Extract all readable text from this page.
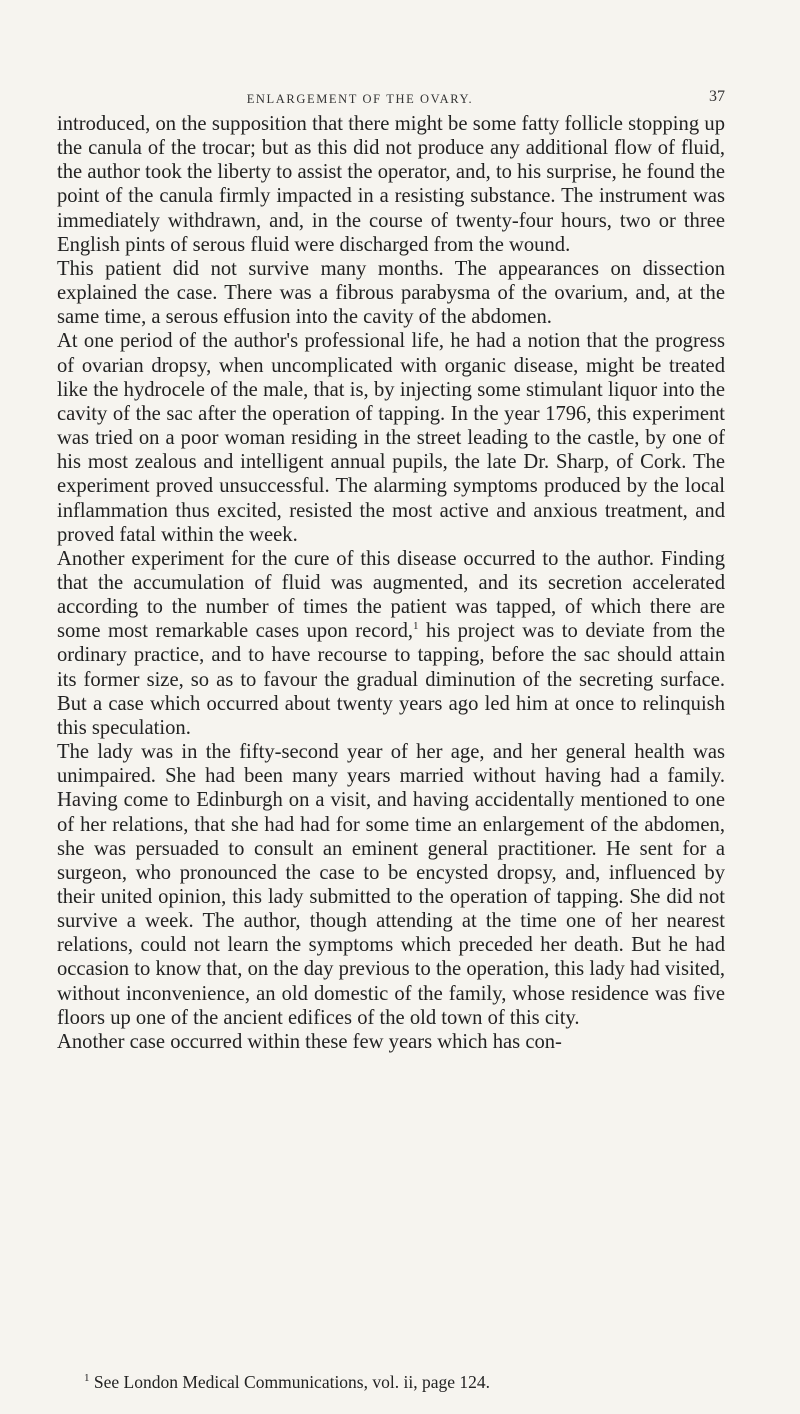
ENLARGEMENT OF THE OVARY.	37

introduced, on the supposition that there might be some fatty follicle stopping up the canula of the trocar; but as this did not produce any additional flow of fluid, the author took the liberty to assist the operator, and, to his surprise, he found the point of the canula firmly impacted in a resisting substance. The instrument was immediately withdrawn, and, in the course of twenty-four hours, two or three English pints of serous fluid were discharged from the wound.

This patient did not survive many months. The appearances on dissection explained the case. There was a fibrous parabysma of the ovarium, and, at the same time, a serous effusion into the cavity of the abdomen.

At one period of the author's professional life, he had a notion that the progress of ovarian dropsy, when uncomplicated with organic disease, might be treated like the hydrocele of the male, that is, by injecting some stimulant liquor into the cavity of the sac after the operation of tapping. In the year 1796, this experiment was tried on a poor woman residing in the street leading to the castle, by one of his most zealous and intelligent annual pupils, the late Dr. Sharp, of Cork. The experiment proved unsuccessful. The alarming symptoms produced by the local inflammation thus excited, resisted the most active and anxious treatment, and proved fatal within the week.

Another experiment for the cure of this disease occurred to the author. Finding that the accumulation of fluid was augmented, and its secretion accelerated according to the number of times the patient was tapped, of which there are some most remarkable cases upon record,$^1$ his project was to deviate from the ordinary practice, and to have recourse to tapping, before the sac should attain its former size, so as to favour the gradual diminution of the secreting surface. But a case which occurred about twenty years ago led him at once to relinquish this speculation.

The lady was in the fifty-second year of her age, and her general health was unimpaired. She had been many years married without having had a family. Having come to Edinburgh on a visit, and having accidentally mentioned to one of her relations, that she had had for some time an enlargement of the abdomen, she was persuaded to consult an eminent general practitioner. He sent for a surgeon, who pronounced the case to be encysted dropsy, and, influenced by their united opinion, this lady submitted to the operation of tapping. She did not survive a week. The author, though attending at the time one of her nearest relations, could not learn the symptoms which preceded her death. But he had occasion to know that, on the day previous to the operation, this lady had visited, without inconvenience, an old domestic of the family, whose residence was five floors up one of the ancient edifices of the old town of this city.

Another case occurred within these few years which has con-

$^1$ See London Medical Communications, vol. ii, page 124.
